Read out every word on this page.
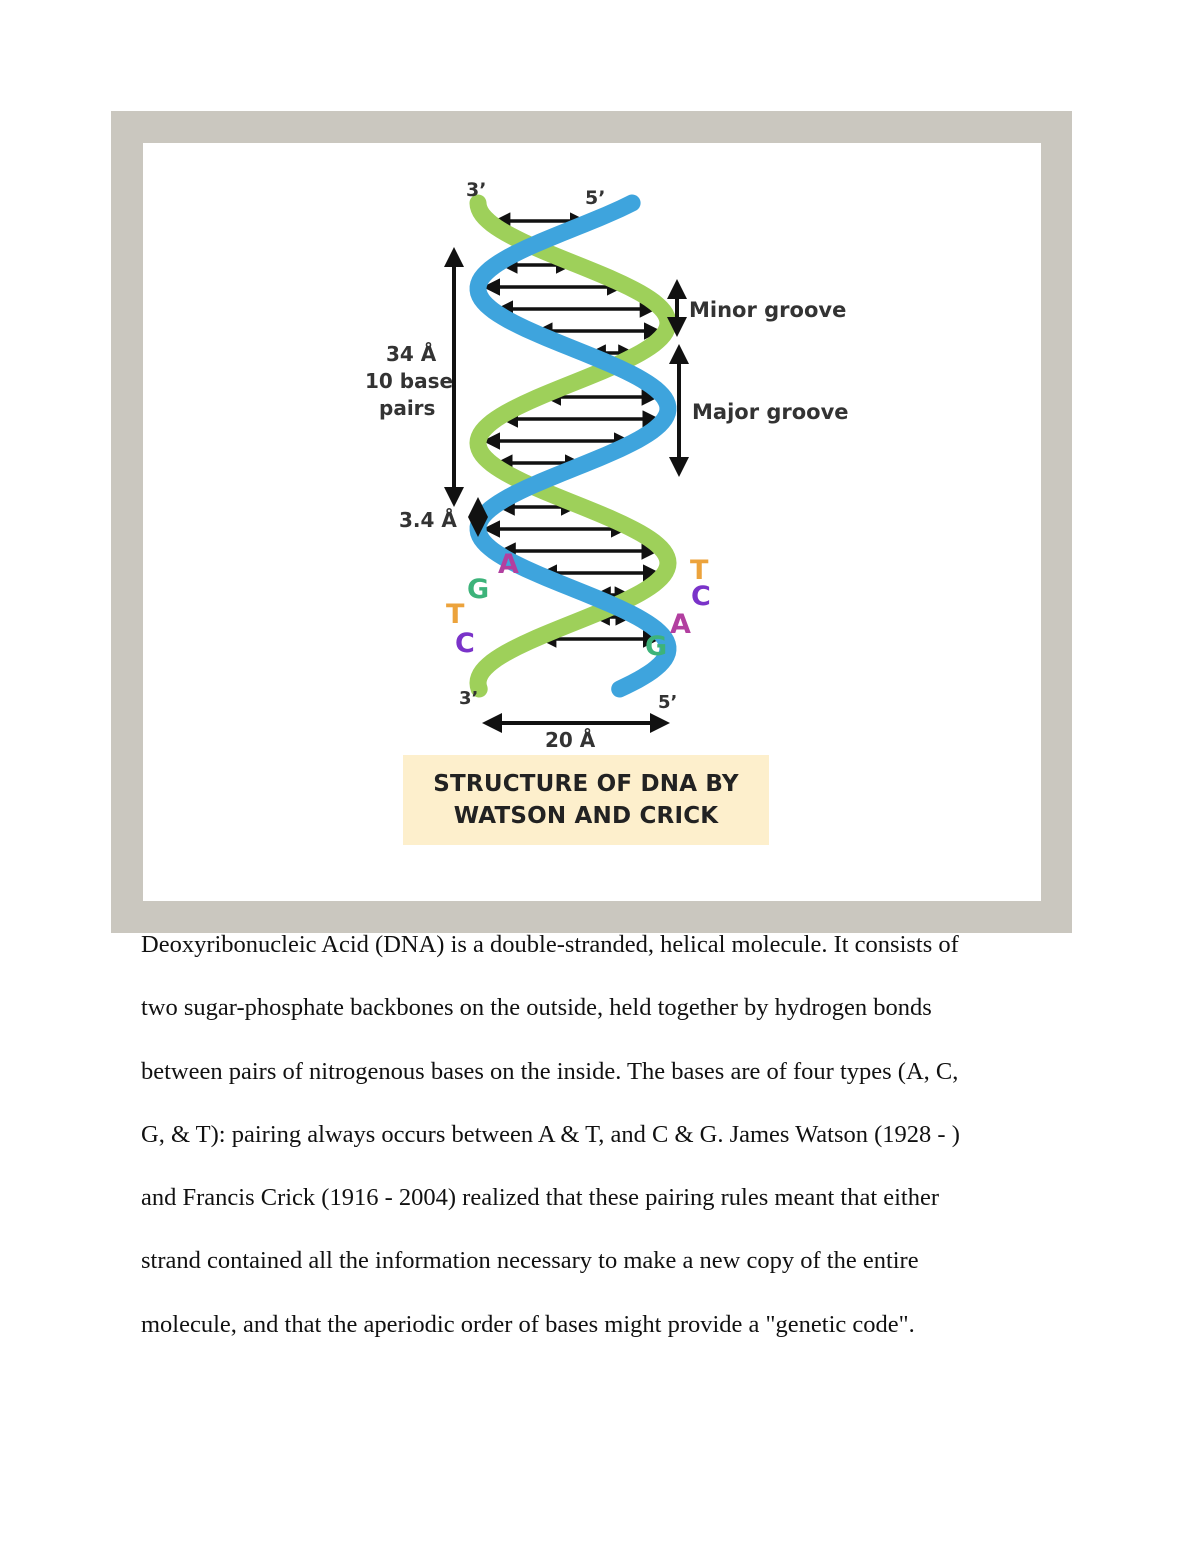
3’	5’
3’	5’
34 Å
10 base
pairs
3.4 Å
20 Å
Minor groove
Major groove
A
G
T
C
T
C
A
G
STRUCTURE OF DNA BY
WATSON AND CRICK
Deoxyribonucleic Acid (DNA) is a double-stranded, helical molecule. It consists of
two sugar-phosphate backbones on the outside, held together by hydrogen bonds
between pairs of nitrogenous bases on the inside. The bases are of four types (A, C,
G, & T): pairing always occurs between A & T, and C & G. James Watson (1928 - )
and Francis Crick (1916 - 2004) realized that these pairing rules meant that either
strand contained all the information necessary to make a new copy of the entire
molecule, and that the aperiodic order of bases might provide a "genetic code".
